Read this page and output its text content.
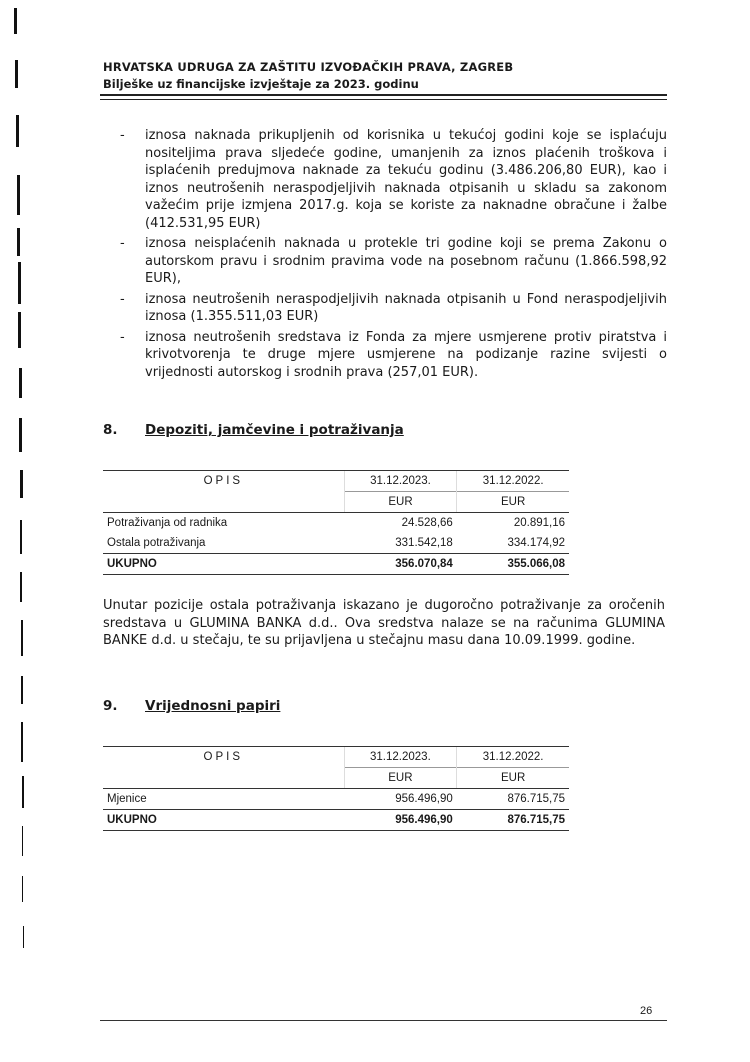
HRVATSKA UDRUGA ZA ZAŠTITU IZVOĐAČKIH PRAVA, ZAGREB
Bilješke uz financijske izvještaje za 2023. godinu
- iznosa naknada prikupljenih od korisnika u tekućoj godini koje se isplaćuju nositeljima prava sljedeće godine, umanjenih za iznos plaćenih troškova i isplaćenih predujmova naknade za tekuću godinu (3.486.206,80 EUR), kao i iznos neutrošenih neraspodjeljivih naknada otpisanih u skladu sa zakonom važećim prije izmjena 2017.g. koja se koriste za naknadne obračune i žalbe (412.531,95 EUR)
- iznosa neisplaćenih naknada u protekle tri godine koji se prema Zakonu o autorskom pravu i srodnim pravima vode na posebnom računu (1.866.598,92 EUR),
- iznosa neutrošenih neraspodjeljivih naknada otpisanih u Fond neraspodjeljivih iznosa (1.355.511,03 EUR)
- iznosa neutrošenih sredstava iz Fonda za mjere usmjerene protiv piratstva i krivotvorenja te druge mjere usmjerene na podizanje razine svijesti o vrijednosti autorskog i srodnih prava (257,01 EUR).
8. Depoziti, jamčevine i potraživanja
OPIS	31.12.2023.	31.12.2022.
	EUR	EUR
Potraživanja od radnika	24.528,66	20.891,16
Ostala potraživanja	331.542,18	334.174,92
UKUPNO	356.070,84	355.066,08
Unutar pozicije ostala potraživanja iskazano je dugoročno potraživanje za oročenih sredstava u GLUMINA BANKA d.d.. Ova sredstva nalaze se na računima GLUMINA BANKE d.d. u stečaju, te su prijavljena u stečajnu masu dana 10.09.1999. godine.
9. Vrijednosni papiri
OPIS	31.12.2023.	31.12.2022.
	EUR	EUR
Mjenice	956.496,90	876.715,75
UKUPNO	956.496,90	876.715,75
26
